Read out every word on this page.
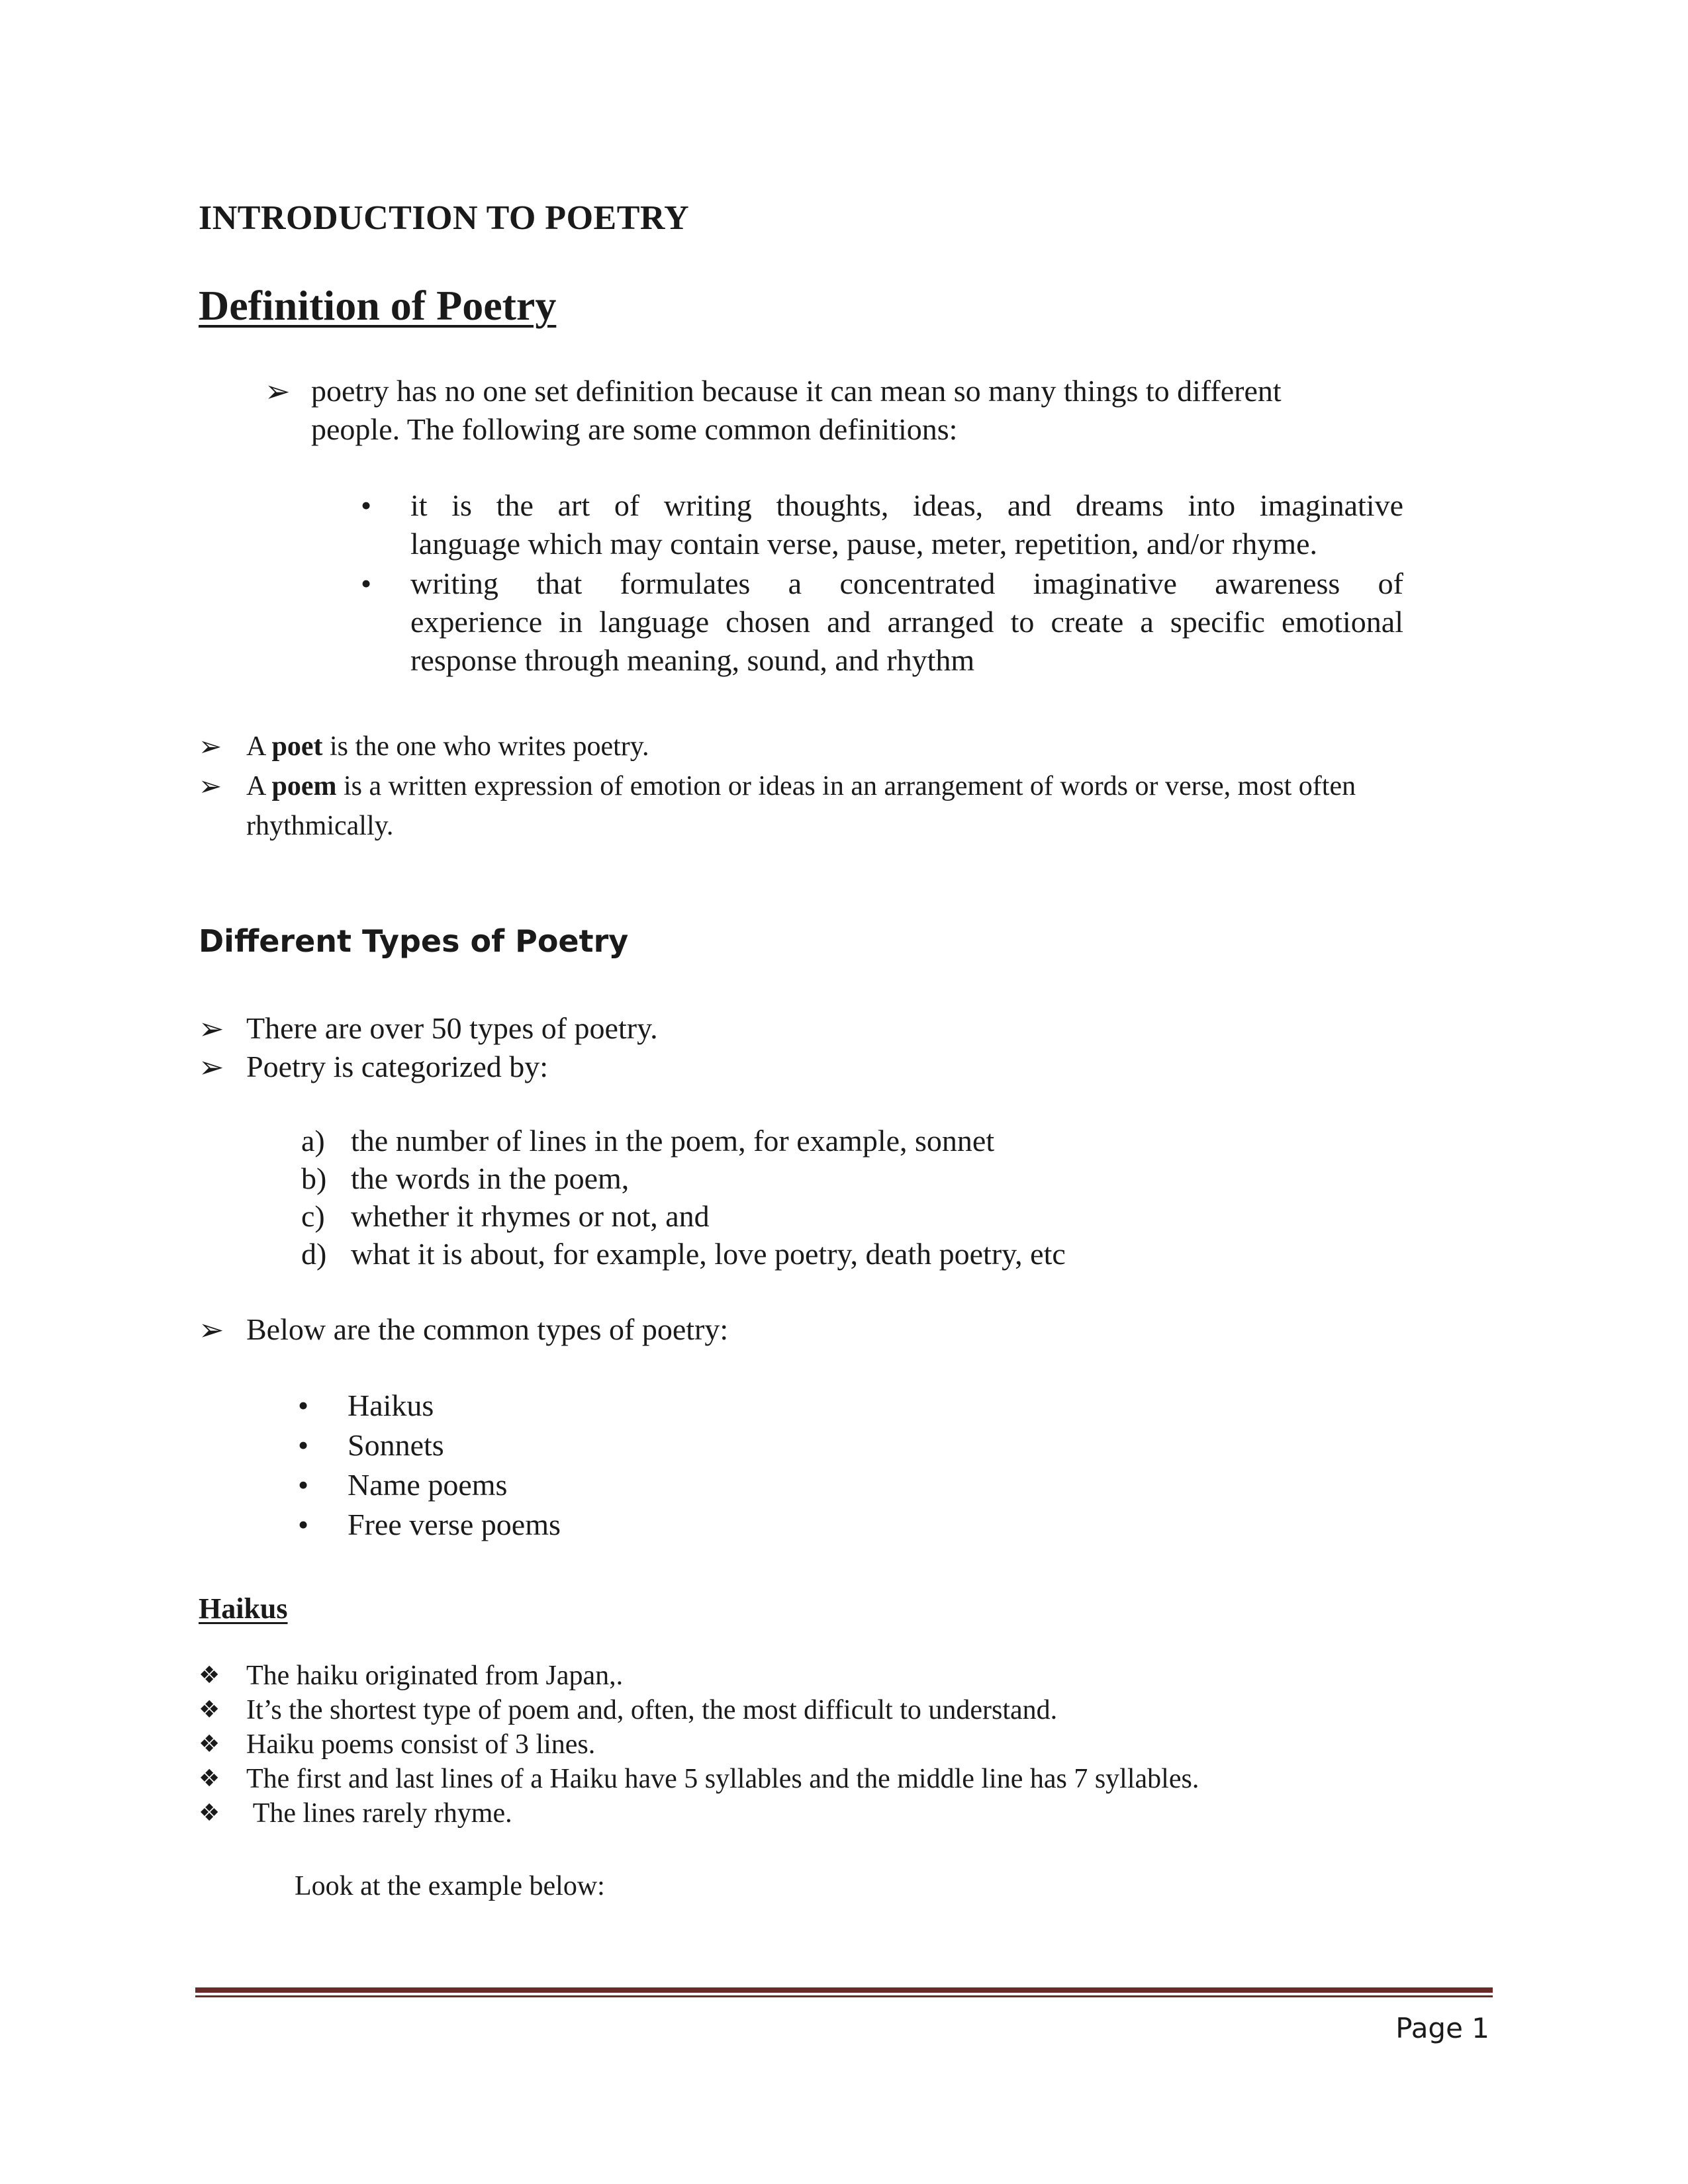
INTRODUCTION TO POETRY
Definition of Poetry
➢ poetry has no one set definition because it can mean so many things to different
people. The following are some common definitions:
• it is the art of writing thoughts, ideas, and dreams into imaginative
language which may contain verse, pause, meter, repetition, and/or rhyme.
• writing that formulates a concentrated imaginative awareness of
experience in language chosen and arranged to create a specific emotional
response through meaning, sound, and rhythm
➢ A poet is the one who writes poetry.
➢ A poem is a written expression of emotion or ideas in an arrangement of words or verse, most often
rhythmically.
Different Types of Poetry
➢ There are over 50 types of poetry.
➢ Poetry is categorized by:
a) the number of lines in the poem, for example, sonnet
b) the words in the poem,
c) whether it rhymes or not, and
d) what it is about, for example, love poetry, death poetry, etc
➢ Below are the common types of poetry:
• Haikus
• Sonnets
• Name poems
• Free verse poems
Haikus
❖ The haiku originated from Japan,.
❖ It’s the shortest type of poem and, often, the most difficult to understand.
❖ Haiku poems consist of 3 lines.
❖ The first and last lines of a Haiku have 5 syllables and the middle line has 7 syllables.
❖ The lines rarely rhyme.
Look at the example below:
Page 1
